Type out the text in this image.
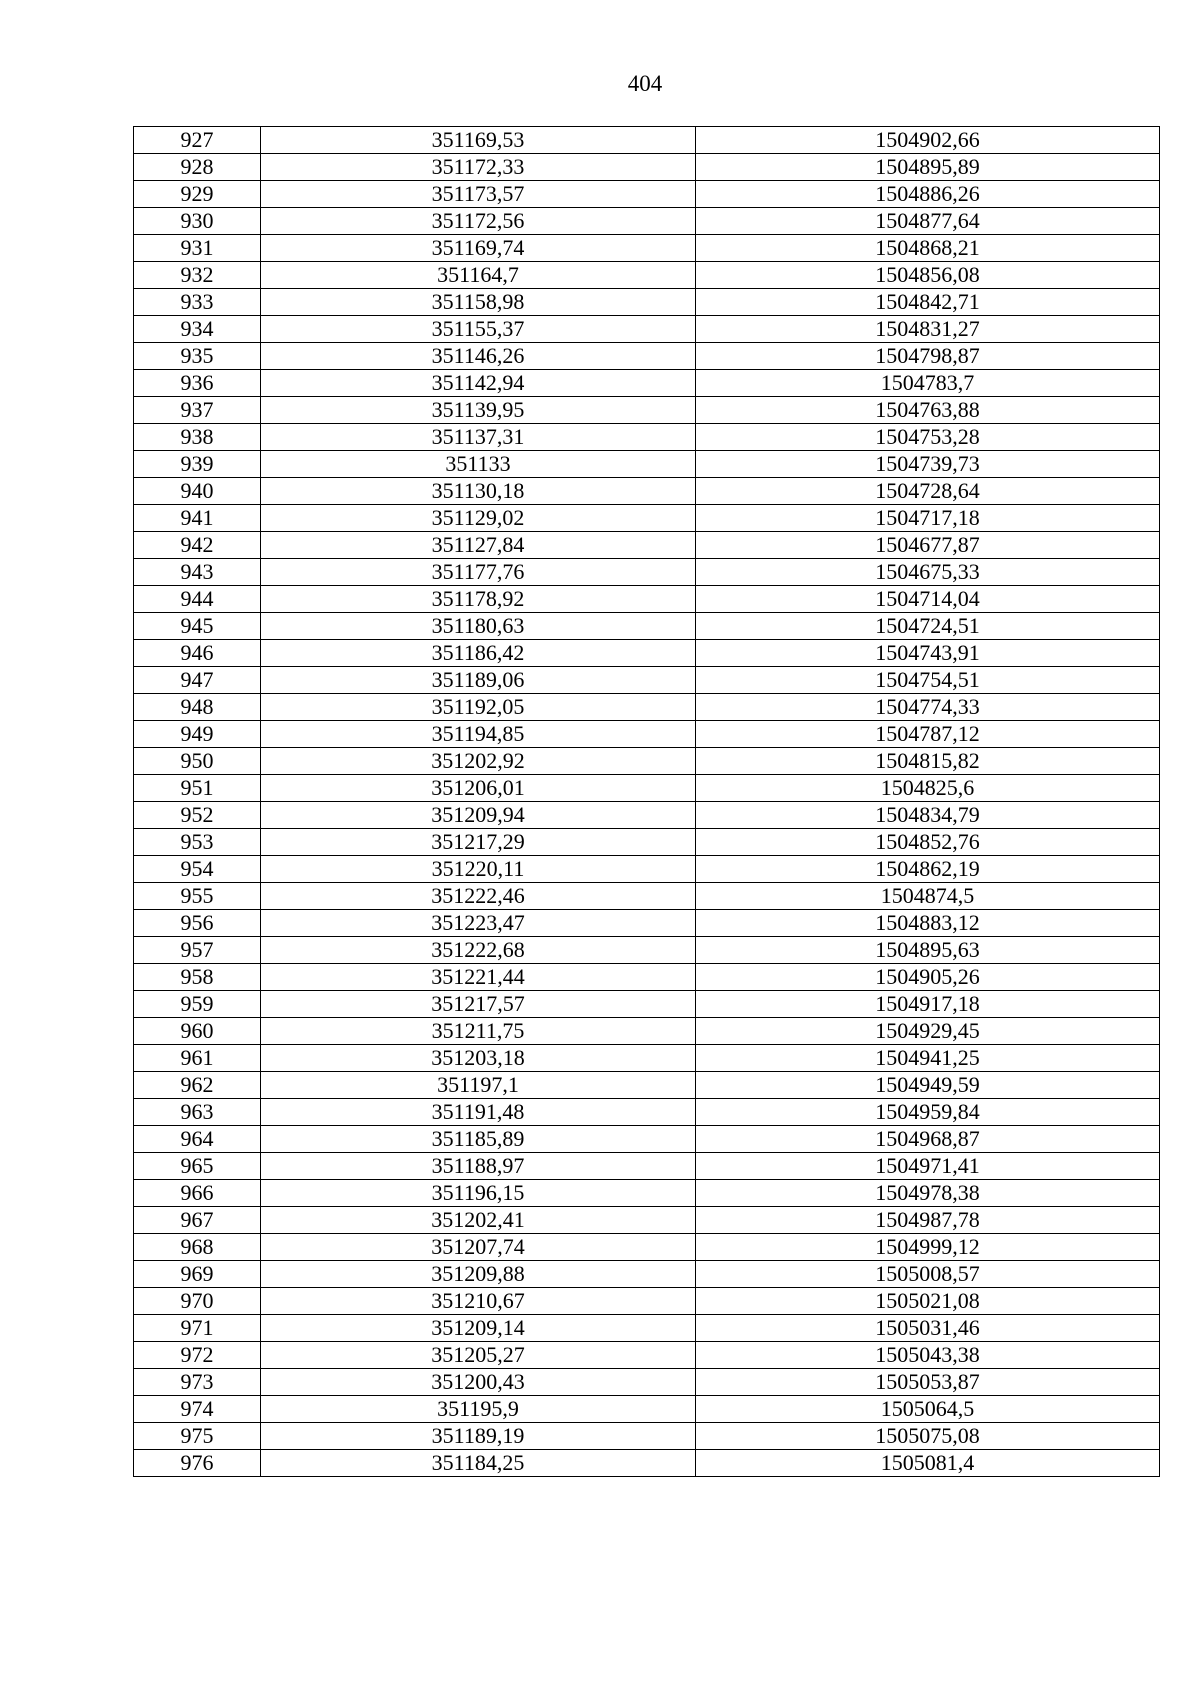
404
927	351169,53	1504902,66
928	351172,33	1504895,89
929	351173,57	1504886,26
930	351172,56	1504877,64
931	351169,74	1504868,21
932	351164,7	1504856,08
933	351158,98	1504842,71
934	351155,37	1504831,27
935	351146,26	1504798,87
936	351142,94	1504783,7
937	351139,95	1504763,88
938	351137,31	1504753,28
939	351133	1504739,73
940	351130,18	1504728,64
941	351129,02	1504717,18
942	351127,84	1504677,87
943	351177,76	1504675,33
944	351178,92	1504714,04
945	351180,63	1504724,51
946	351186,42	1504743,91
947	351189,06	1504754,51
948	351192,05	1504774,33
949	351194,85	1504787,12
950	351202,92	1504815,82
951	351206,01	1504825,6
952	351209,94	1504834,79
953	351217,29	1504852,76
954	351220,11	1504862,19
955	351222,46	1504874,5
956	351223,47	1504883,12
957	351222,68	1504895,63
958	351221,44	1504905,26
959	351217,57	1504917,18
960	351211,75	1504929,45
961	351203,18	1504941,25
962	351197,1	1504949,59
963	351191,48	1504959,84
964	351185,89	1504968,87
965	351188,97	1504971,41
966	351196,15	1504978,38
967	351202,41	1504987,78
968	351207,74	1504999,12
969	351209,88	1505008,57
970	351210,67	1505021,08
971	351209,14	1505031,46
972	351205,27	1505043,38
973	351200,43	1505053,87
974	351195,9	1505064,5
975	351189,19	1505075,08
976	351184,25	1505081,4
